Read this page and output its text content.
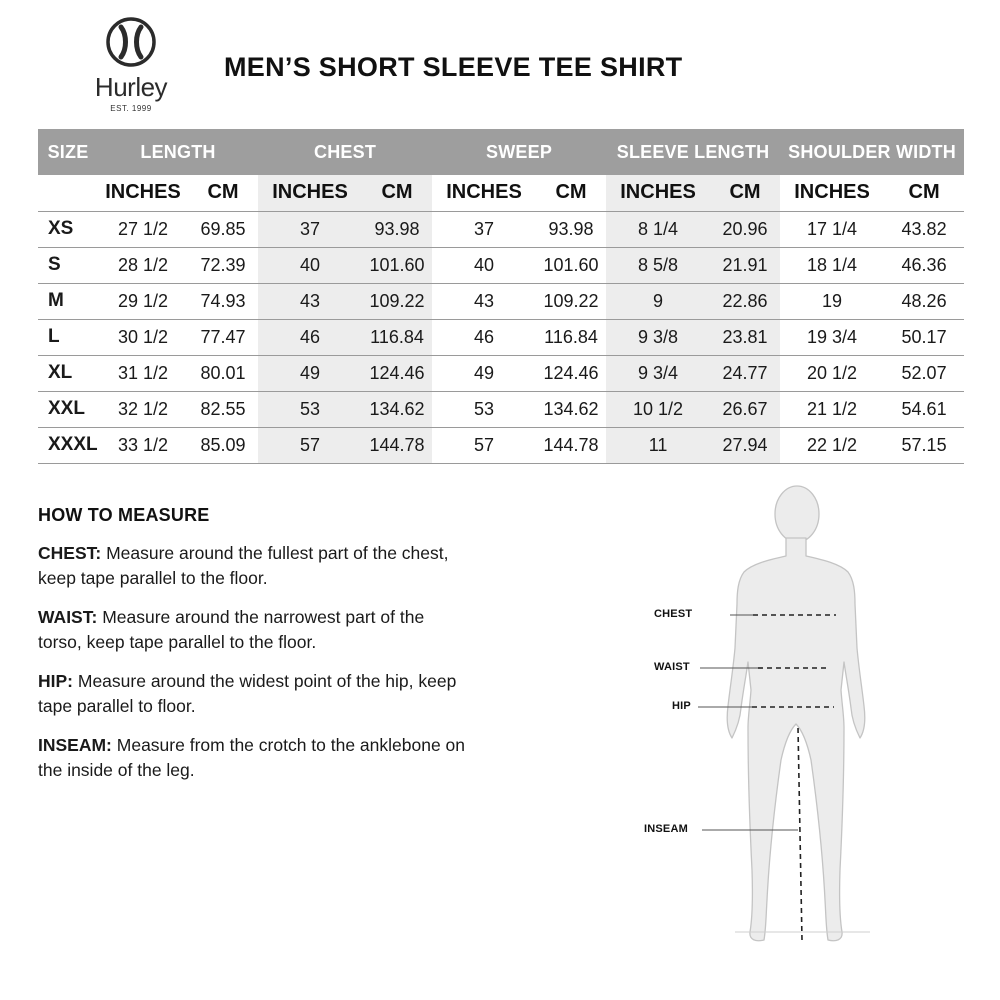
Hurley
EST. 1999
MEN’S SHORT SLEEVE TEE SHIRT
SIZE	LENGTH		CHEST		SWEEP		SLEEVE LENGTH		SHOULDER WIDTH	
	INCHES	CM	INCHES	CM	INCHES	CM	INCHES	CM	INCHES	CM
XS	27 1/2	69.85	37	93.98	37	93.98	8 1/4	20.96	17 1/4	43.82
S	28 1/2	72.39	40	101.60	40	101.60	8 5/8	21.91	18 1/4	46.36
M	29 1/2	74.93	43	109.22	43	109.22	9	22.86	19	48.26
L	30 1/2	77.47	46	116.84	46	116.84	9 3/8	23.81	19 3/4	50.17
XL	31 1/2	80.01	49	124.46	49	124.46	9 3/4	24.77	20 1/2	52.07
XXL	32 1/2	82.55	53	134.62	53	134.62	10 1/2	26.67	21 1/2	54.61
XXXL	33 1/2	85.09	57	144.78	57	144.78	11	27.94	22 1/2	57.15
HOW TO MEASURE

CHEST: Measure around the fullest part of the chest, keep tape parallel to the floor.

WAIST: Measure around the narrowest part of the torso, keep tape parallel to the floor.

HIP: Measure around the widest point of the hip, keep tape parallel to floor.

INSEAM: Measure from the crotch to the anklebone on the inside of the leg.

CHEST
WAIST
HIP
INSEAM
